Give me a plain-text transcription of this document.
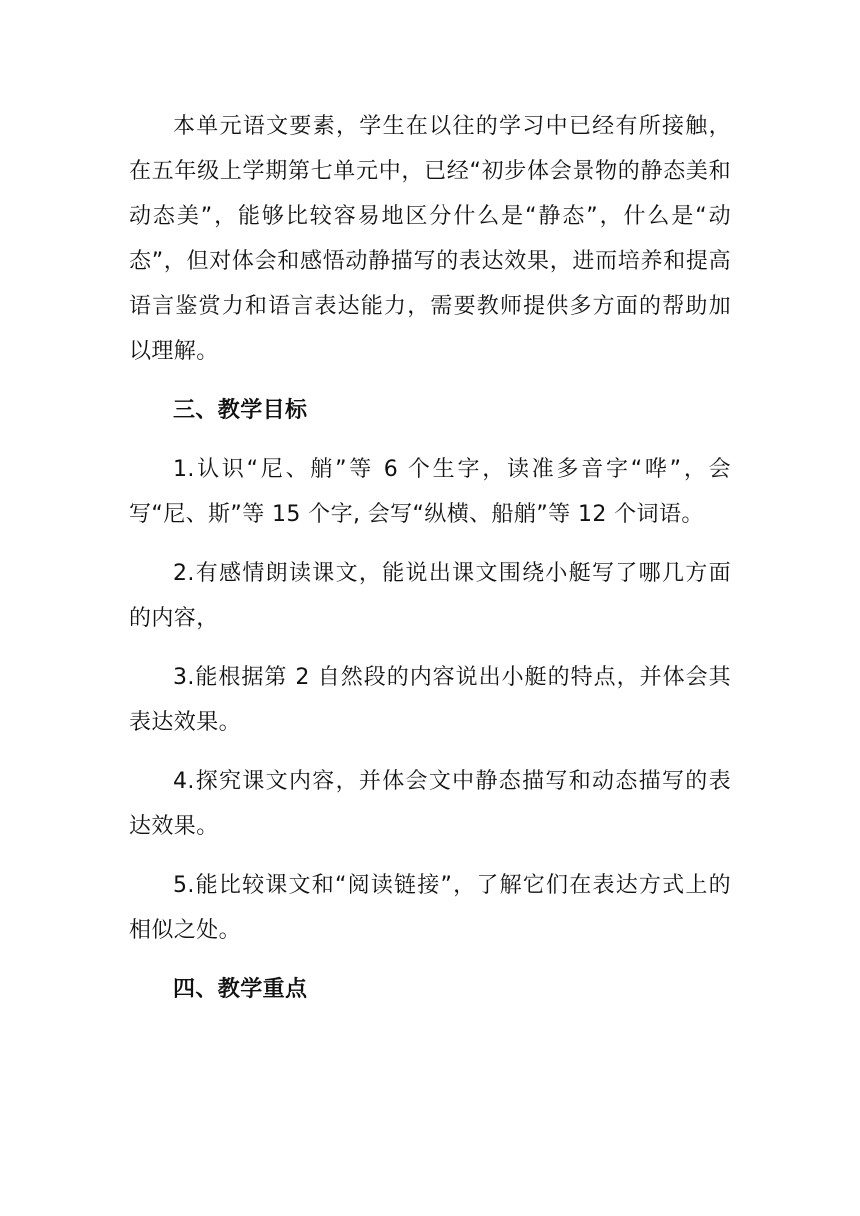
本单元语文要素，学生在以往的学习中已经有所接触，在五年级上学期第七单元中，已经“初步体会景物的静态美和动态美”，能够比较容易地区分什么是“静态”，什么是“动态”，但对体会和感悟动静描写的表达效果，进而培养和提高语言鉴赏力和语言表达能力，需要教师提供多方面的帮助加以理解。

三、教学目标

1.认识“尼、艄”等 6 个生字，读准多音字“哗”，会写“尼、斯”等 15 个字, 会写“纵横、船艄”等 12 个词语。

2.有感情朗读课文，能说出课文围绕小艇写了哪几方面的内容，

3.能根据第 2 自然段的内容说出小艇的特点，并体会其表达效果。

4.探究课文内容，并体会文中静态描写和动态描写的表达效果。

5.能比较课文和“阅读链接”，了解它们在表达方式上的相似之处。

四、教学重点
